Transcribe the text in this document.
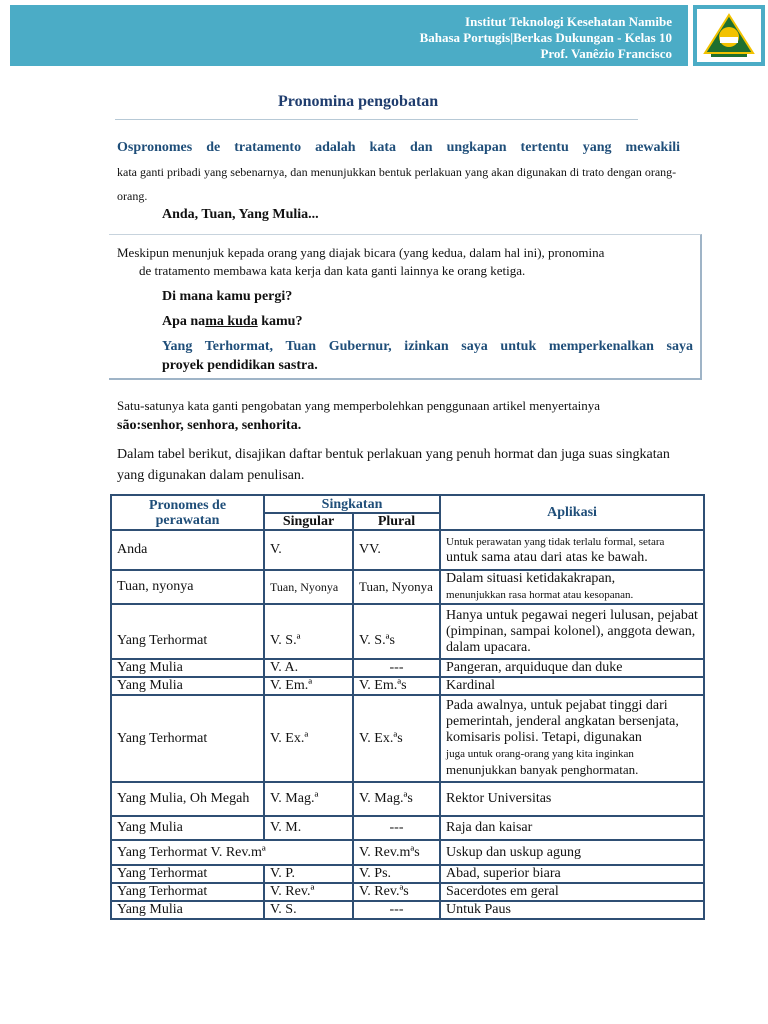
Institut Teknologi Kesehatan Namibe
Bahasa Portugis|Berkas Dukungan - Kelas 10
Prof. Vanêzio Francisco
Pronomina pengobatan
Ospronomes de tratamento adalah kata dan ungkapan tertentu yang mewakili
kata ganti pribadi yang sebenarnya, dan menunjukkan bentuk perlakuan yang akan digunakan di trato dengan orang-orang.
Anda, Tuan, Yang Mulia...
Meskipun menunjuk kepada orang yang diajak bicara (yang kedua, dalam hal ini), pronomina
de tratamento membawa kata kerja dan kata ganti lainnya ke orang ketiga.
Di mana kamu pergi?
Apa nama kuda kamu?
Yang Terhormat, Tuan Gubernur, izinkan saya untuk memperkenalkan saya
proyek pendidikan sastra.
Satu-satunya kata ganti pengobatan yang memperbolehkan penggunaan artikel menyertainya
são:senhor, senhora, senhorita.
Dalam tabel berikut, disajikan daftar bentuk perlakuan yang penuh hormat dan juga suas singkatan yang digunakan dalam penulisan.
Pronomes de perawatan	Singkatan		Aplikasi
	Singular	Plural	
Anda	V.	VV.	Untuk perawatan yang tidak terlalu formal, setara
untuk sama atau dari atas ke bawah.
Tuan, nyonya	Tuan, Nyonya	Tuan, Nyonya	Dalam situasi ketidakakrapan,
menunjukkan rasa hormat atau kesopanan.
Yang Terhormat	V. S.ª	V. S.ªs	Hanya untuk pegawai negeri lulusan, pejabat (pimpinan, sampai kolonel), anggota dewan, dalam upacara.
Yang Mulia	V. A.	---	Pangeran, arquiduque dan duke
Yang Mulia	V. Em.ª	V. Em.ªs	Kardinal
Yang Terhormat	V. Ex.ª	V. Ex.ªs	Pada awalnya, untuk pejabat tinggi dari pemerintah, jenderal angkatan bersenjata, komisaris polisi. Tetapi, digunakan
juga untuk orang-orang yang kita inginkan
menunjukkan banyak penghormatan.
Yang Mulia, Oh Megah	V. Mag.ª	V. Mag.ªs	Rektor Universitas
Yang Mulia	V. M.	---	Raja dan kaisar
Yang Terhormat V. Rev.mª		V. Rev.mªs	Uskup dan uskup agung
Yang Terhormat	V. P.	V. Ps.	Abad, superior biara
Yang Terhormat	V. Rev.ª	V. Rev.ªs	Sacerdotes em geral
Yang Mulia	V. S.	---	Untuk Paus
